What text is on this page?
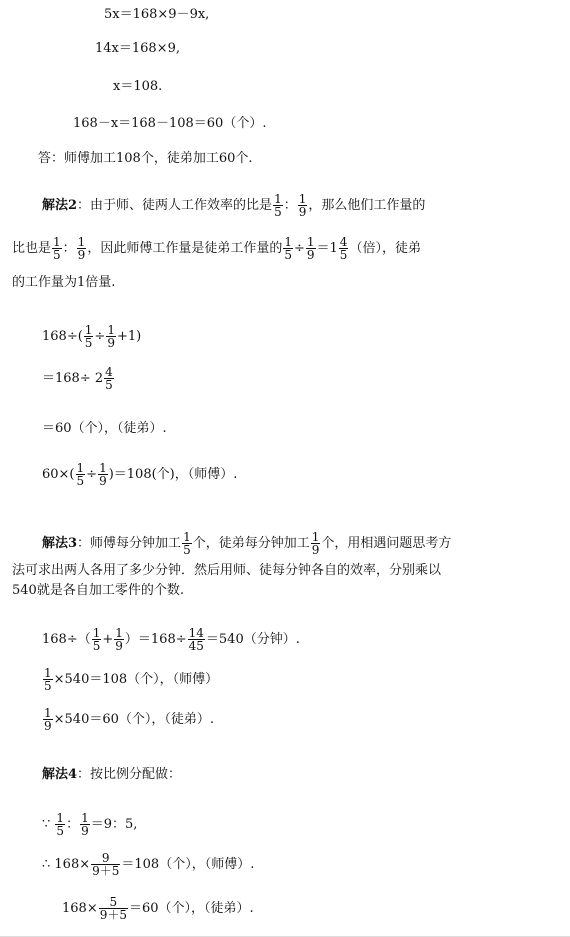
5x＝168×9－9x,
14x＝168×9,
x＝108.
168－x＝168－108＝60（个）.
答：师傅加工108个，徒弟加工60个.
解法2：由于师、徒两人工作效率的比是 $\frac{1}{5}$ ： $\frac{1}{9}$ ，那么他们工作量的
比也是 $\frac{1}{5}$ ： $\frac{1}{9}$ ，因此师傅工作量是徒弟工作量的 $\frac{1}{5} \div \frac{1}{9} =1 \frac{4}{5}$ （倍），徒弟
的工作量为1倍量.
$168\div( \frac{1}{5} \div \frac{1}{9} +1)$
$=168\div 2 \frac{4}{5}$
＝60（个），（徒弟）.
$60\times( \frac{1}{5} \div \frac{1}{9} )=108$(个)，（师傅）.
解法3：师傅每分钟加工 $\frac{1}{5}$ 个，徒弟每分钟加工 $\frac{1}{9}$ 个，用相遇问题思考方
法可求出两人各用了多少分钟．然后用师、徒每分钟各自的效率，分别乘以
540就是各自加工零件的个数.
$168\div( \frac{1}{5} + \frac{1}{9} )=168\div \frac{14}{45} =540$（分钟）.
$\frac{1}{5} \times 540=108$（个），（师傅）
$\frac{1}{9} \times 540=60$（个），（徒弟）.
解法4：按比例分配做：
∵ $\frac{1}{5}$ ： $\frac{1}{9} =9$：5,
∴ $168\times \frac{9}{9+5} =108$（个），（师傅）.
$168\times \frac{5}{9+5} =60$（个），（徒弟）.
